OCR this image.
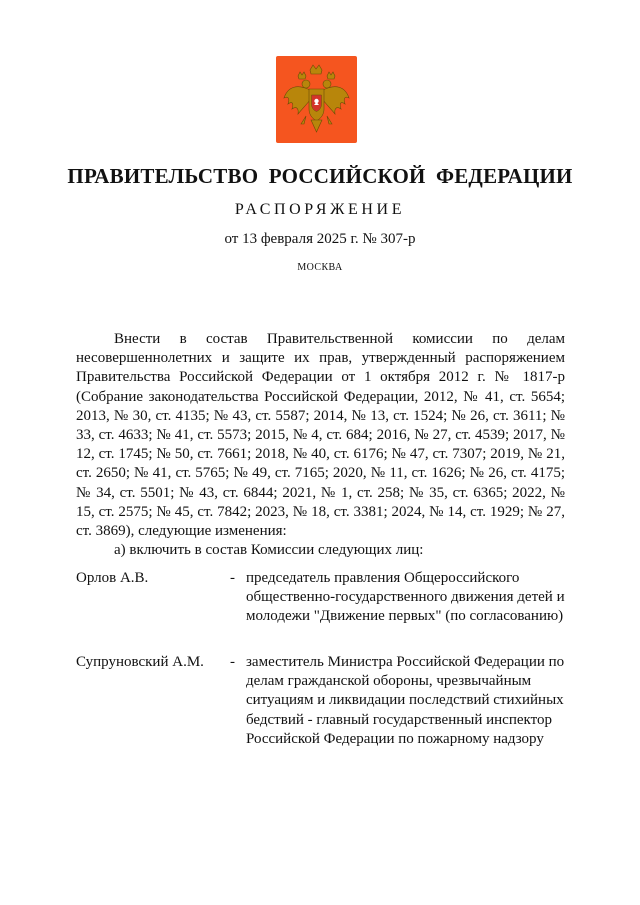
ПРАВИТЕЛЬСТВО РОССИЙСКОЙ ФЕДЕРАЦИИ
РАСПОРЯЖЕНИЕ
от 13 февраля 2025 г. № 307-р
МОСКВА

Внести в состав Правительственной комиссии по делам несовершеннолетних и защите их прав, утвержденный распоряжением Правительства Российской Федерации от 1 октября 2012 г. № 1817-р (Собрание законодательства Российской Федерации, 2012, № 41, ст. 5654; 2013, № 30, ст. 4135; № 43, ст. 5587; 2014, № 13, ст. 1524; № 26, ст. 3611; № 33, ст. 4633; № 41, ст. 5573; 2015, № 4, ст. 684; 2016, № 27, ст. 4539; 2017, № 12, ст. 1745; № 50, ст. 7661; 2018, № 40, ст. 6176; № 47, ст. 7307; 2019, № 21, ст. 2650; № 41, ст. 5765; № 49, ст. 7165; 2020, № 11, ст. 1626; № 26, ст. 4175; № 34, ст. 5501; № 43, ст. 6844; 2021, № 1, ст. 258; № 35, ст. 6365; 2022, № 15, ст. 2575; № 45, ст. 7842; 2023, № 18, ст. 3381; 2024, № 14, ст. 1929; № 27, ст. 3869), следующие изменения:

а) включить в состав Комиссии следующих лиц:

Орлов А.В.	- председатель правления Общероссийского общественно-государственного движения детей и молодежи "Движение первых" (по согласованию)
Супруновский А.М. - заместитель Министра Российской Федерации по делам гражданской обороны, чрезвычайным ситуациям и ликвидации последствий стихийных бедствий - главный государственный инспектор Российской Федерации по пожарному надзору
